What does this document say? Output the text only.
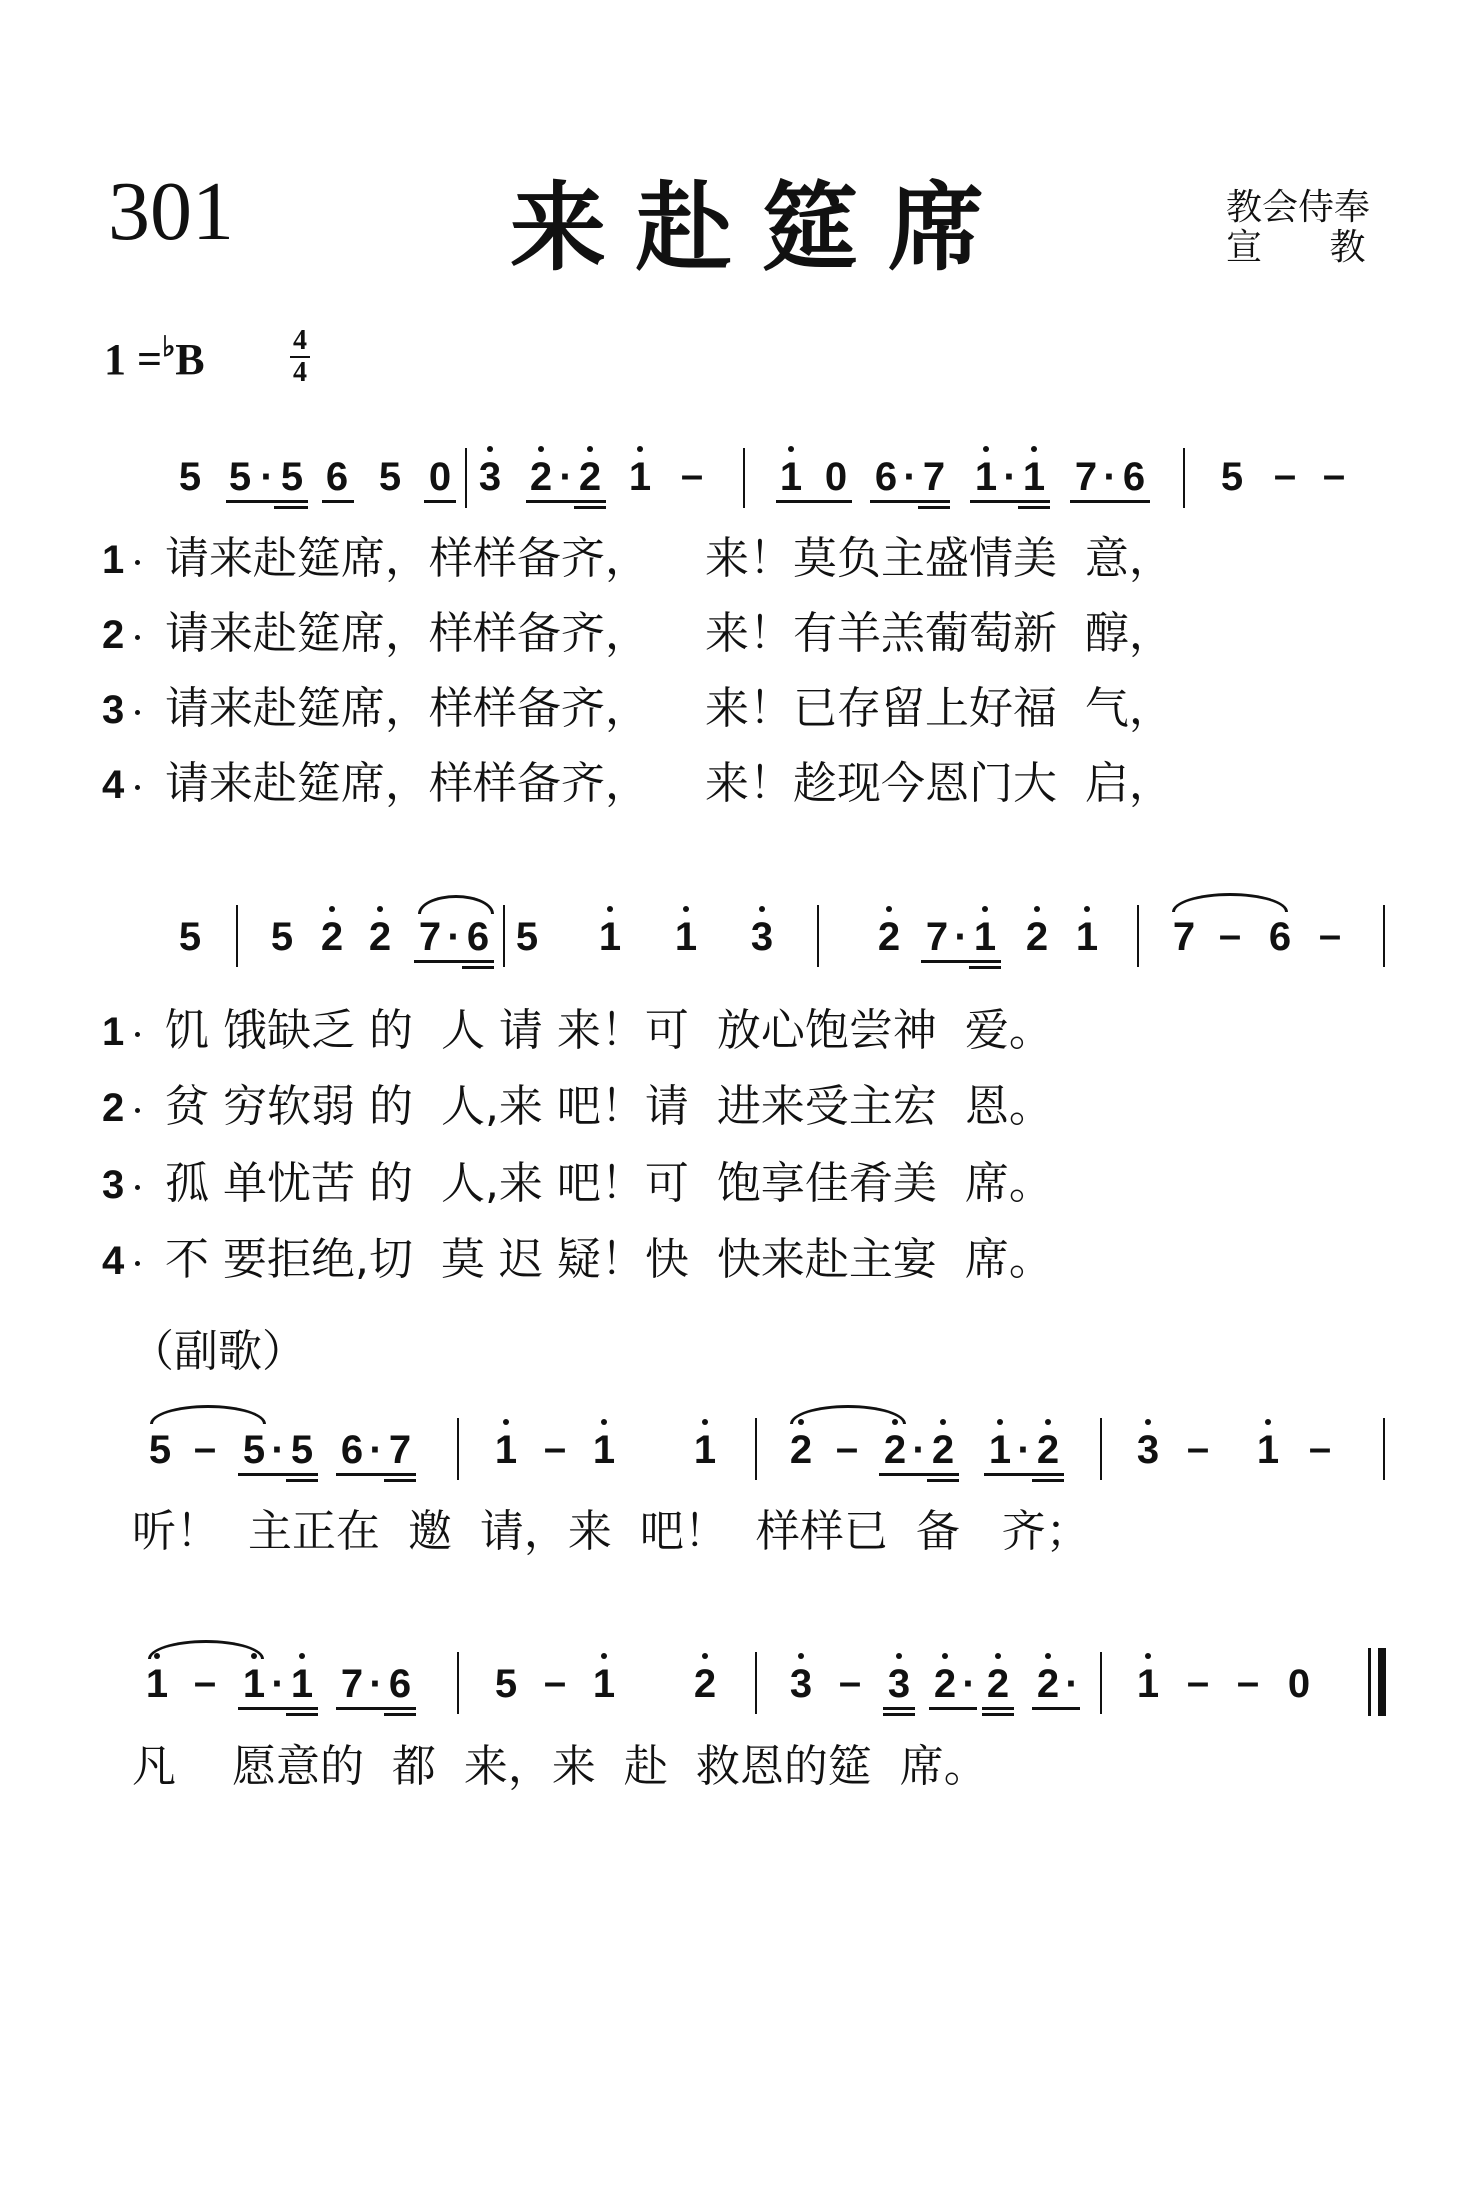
301	来赴筵席	教会侍奉
宣 教
1 =♭B	4
4
5 5 · 5 6 5 0 3 2 · 2 1 – 1 0 6 · 7 1 · 1 7 · 6 5 – –
1 请来赴筵席，样样备齐，    来！莫负主盛情美  意，
2 请来赴筵席，样样备齐，    来！有羊羔葡萄新  醇，
3 请来赴筵席，样样备齐，    来！已存留上好福  气，
4 请来赴筵席，样样备齐，    来！趁现今恩门大  启，
5 5 2 2 7 · 6 5 1 1 3	2 7 · 1 2 1 7 – 6 –
1 饥 饿缺乏 的  人 请 来！可  放心饱尝神  爱。
2 贫 穷软弱 的  人,来 吧！请  进来受主宏  恩。
3 孤 单忧苦 的  人,来 吧！可  饱享佳肴美  席。
4 不 要拒绝,切  莫 迟 疑！快  快来赴主宴  席。
（副歌）
5 – 5 · 5 6 · 7 1 – 1 1 2 – 2 · 2 1 · 2 3 – 1 –
听！  主正在  邀  请，来  吧！  样样已  备   齐；
1 – 1 · 1 7 · 6 5 – 1 2 3 – 3 2 · 2 2 · 1 – – 0
凡    愿意的  都  来，来  赴  救恩的筵  席。
